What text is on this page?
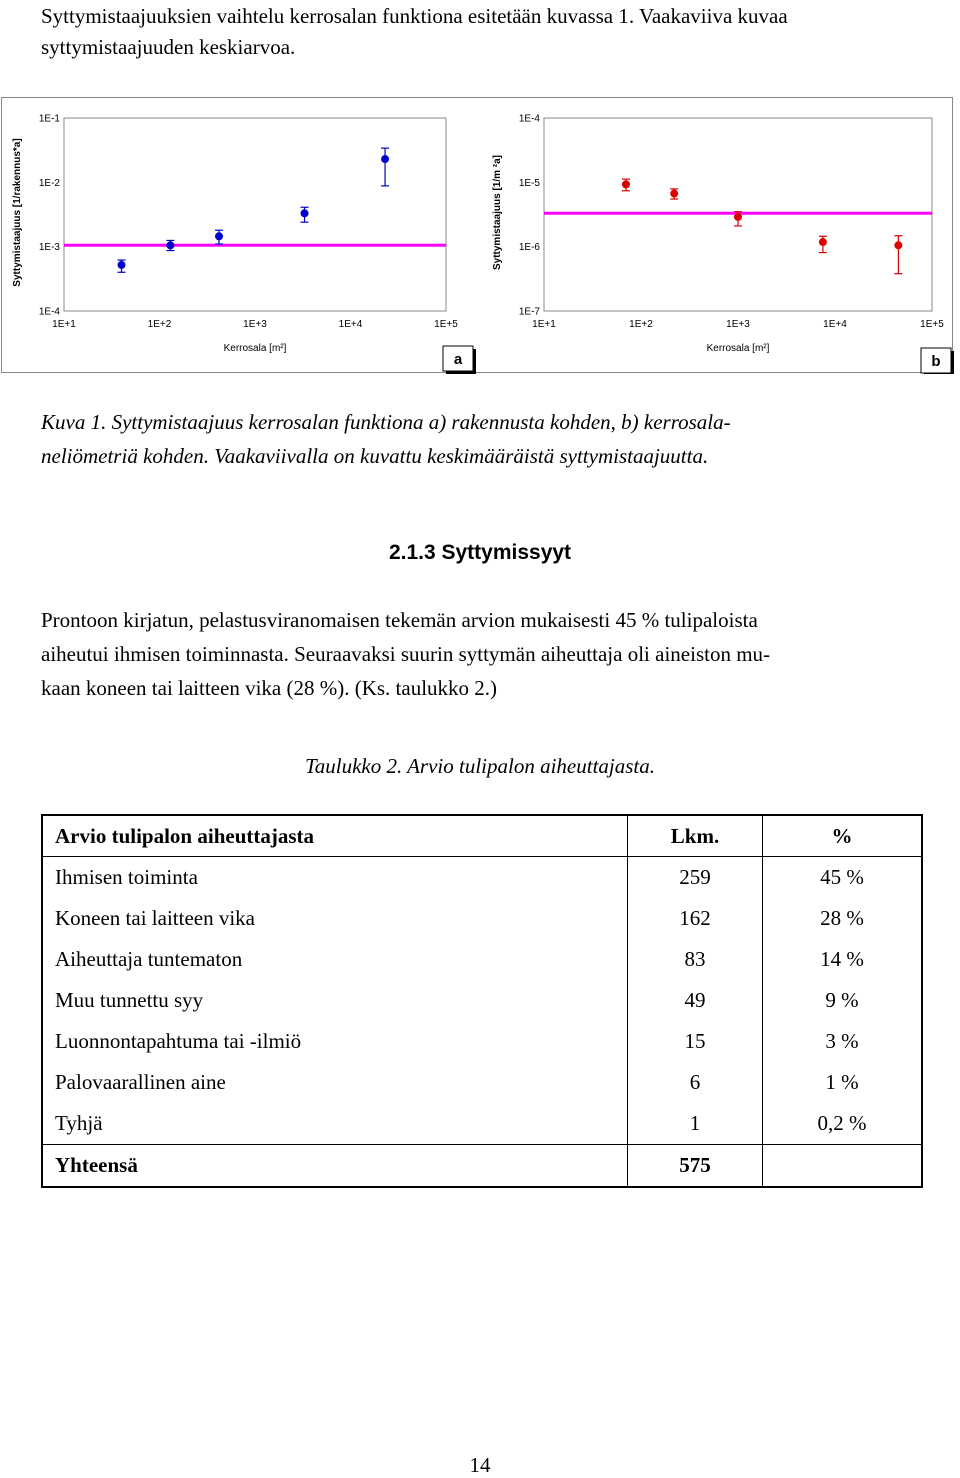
Syttymistaajuuksien vaihtelu kerrosalan funktiona esitetään kuvassa 1. Vaakaviiva kuvaa

syttymistaajuuden keskiarvoa.

1E-1
1E-2
1E-3
1E-4
1E+1	1E+2	1E+3	1E+4	1E+5
Kerrosala [m²]
Syttymistaajuus [1/rakennus*a]
a
1E-4
1E-5
1E-6
1E-7
1E+1	1E+2	1E+3	1E+4	1E+5
Kerrosala [m²]
Syttymistaajuus [1/m ²a]
b

Kuva 1. Syttymistaajuus kerrosalan funktiona a) rakennusta kohden, b) kerrosala-

neliömetriä kohden. Vaakaviivalla on kuvattu keskimääräistä syttymistaajuutta.

2.1.3 Syttymissyyt

Prontoon kirjatun, pelastusviranomaisen tekemän arvion mukaisesti 45 % tulipaloista

aiheutui ihmisen toiminnasta. Seuraavaksi suurin syttymän aiheuttaja oli aineiston mu-

kaan koneen tai laitteen vika (28 %). (Ks. taulukko 2.)

Taulukko 2. Arvio tulipalon aiheuttajasta.
Arvio tulipalon aiheuttajasta	Lkm.	%
Ihmisen toiminta	259	45 %
Koneen tai laitteen vika	162	28 %
Aiheuttaja tuntematon	83	14 %
Muu tunnettu syy	49	9 %
Luonnontapahtuma tai -ilmiö	15	3 %
Palovaarallinen aine	6	1 %
Tyhjä	1	0,2 %
Yhteensä	575	
14
